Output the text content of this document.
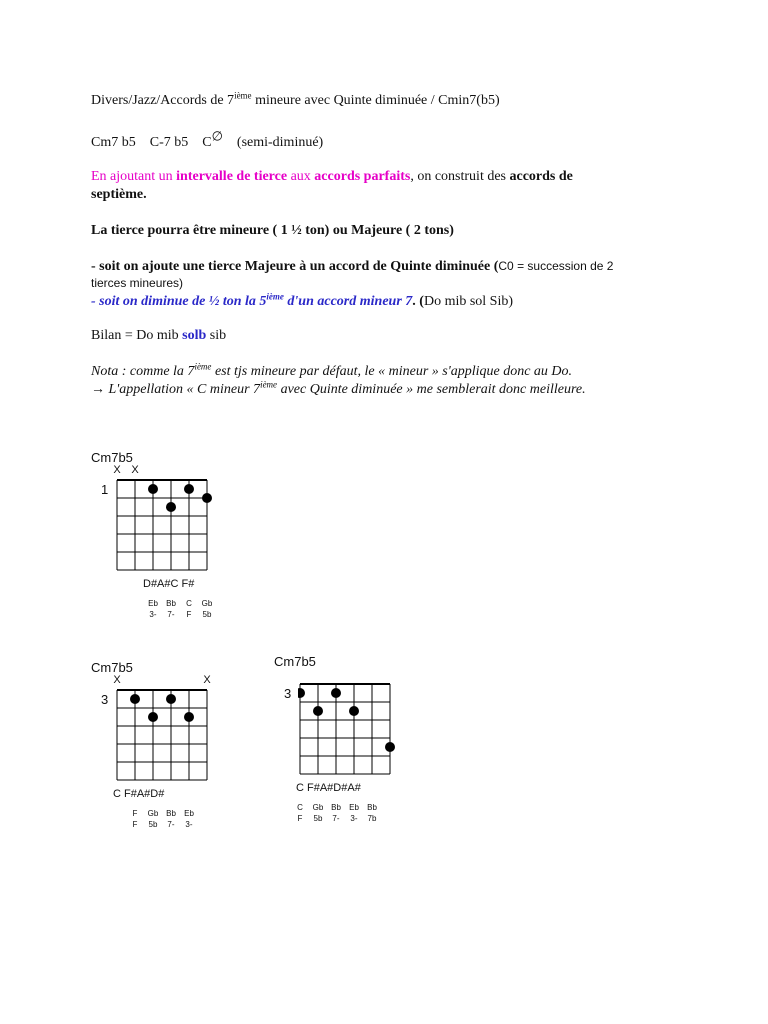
Divers/Jazz/Accords de 7ième mineure avec Quinte diminuée / Cmin7(b5)
Cm7 b5 C-7 b5 C∅ (semi-diminué)
En ajoutant un intervalle de tierce aux accords parfaits, on construit des accords de
septième.
La tierce pourra être mineure ( 1 ½ ton) ou Majeure ( 2 tons)
- soit on ajoute une tierce Majeure à un accord de Quinte diminuée (C0 = succession de 2
tierces mineures)
- soit on diminue de ½ ton la 5ième d'un accord mineur 7. (Do mib sol Sib)
Bilan = Do mib solb sib
Nota : comme la 7ième est tjs mineure par défaut, le « mineur » s'applique donc au Do.
→ L'appellation « C mineur 7ième avec Quinte diminuée » me semblerait donc meilleure.
Cm7b5
X X
1
D#A#C F#
Eb
3-
Bb
7-
C
F
Gb
5b
Cm7b5
X	X
3
C F#A#D#
F
F
Gb
5b
Bb
7-
Eb
3-
Cm7b5
3
C F#A#D#A#
C
F
Gb
5b
Bb
7-
Eb
3-
Bb
7b
